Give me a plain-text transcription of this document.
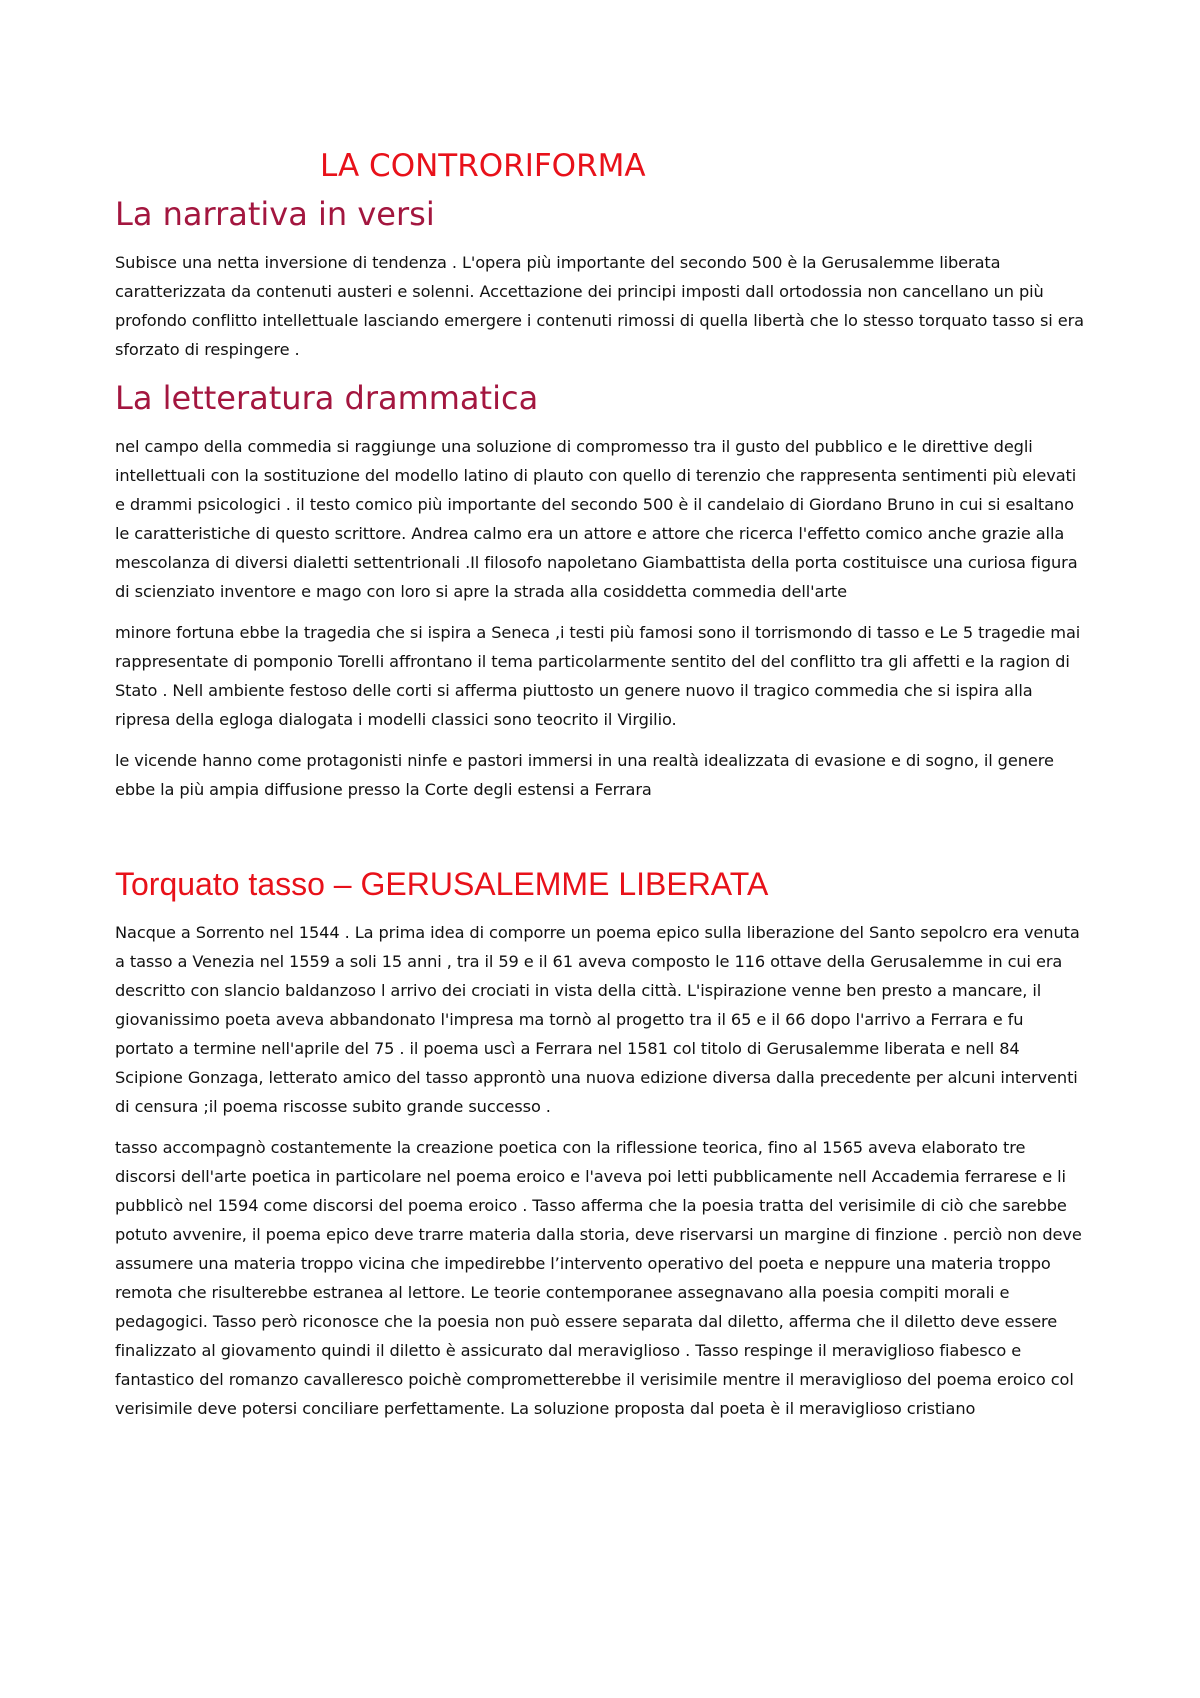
LA CONTRORIFORMA
La narrativa in versi

Subisce una netta inversione di tendenza . L'opera più importante del secondo 500 è la Gerusalemme liberata caratterizzata da contenuti austeri e solenni. Accettazione dei principi imposti dall ortodossia non cancellano un più profondo conflitto intellettuale lasciando emergere i contenuti rimossi di quella libertà che lo stesso torquato tasso si era sforzato di respingere .

La letteratura drammatica

nel campo della commedia si raggiunge una soluzione di compromesso tra il gusto del pubblico e le direttive degli intellettuali con la sostituzione del modello latino di plauto con quello di terenzio che rappresenta sentimenti più elevati e drammi psicologici . il testo comico più importante del secondo 500 è il candelaio di Giordano Bruno in cui si esaltano le caratteristiche di questo scrittore. Andrea calmo era un attore e attore che ricerca l'effetto comico anche grazie alla mescolanza di diversi dialetti settentrionali .Il filosofo napoletano Giambattista della porta costituisce una curiosa figura di scienziato inventore e mago con loro si apre la strada alla cosiddetta commedia dell'arte

minore fortuna ebbe la tragedia che si ispira a Seneca ,i testi più famosi sono il torrismondo di tasso e Le 5 tragedie mai rappresentate di pomponio Torelli affrontano il tema particolarmente sentito del del conflitto tra gli affetti e la ragion di Stato . Nell ambiente festoso delle corti si afferma piuttosto un genere nuovo il tragico commedia che si ispira alla ripresa della egloga dialogata i modelli classici sono teocrito il Virgilio.

le vicende hanno come protagonisti ninfe e pastori immersi in una realtà idealizzata di evasione e di sogno, il genere ebbe la più ampia diffusione presso la Corte degli estensi a Ferrara

Torquato tasso – GERUSALEMME LIBERATA

Nacque a Sorrento nel 1544 . La prima idea di comporre un poema epico sulla liberazione del Santo sepolcro era venuta a tasso a Venezia nel 1559 a soli 15 anni , tra il 59 e il 61 aveva composto le 116 ottave della Gerusalemme in cui era descritto con slancio baldanzoso l arrivo dei crociati in vista della città. L'ispirazione venne ben presto a mancare, il giovanissimo poeta aveva abbandonato l'impresa ma tornò al progetto tra il 65 e il 66 dopo l'arrivo a Ferrara e fu portato a termine nell'aprile del 75 . il poema uscì a Ferrara nel 1581 col titolo di Gerusalemme liberata e nell 84 Scipione Gonzaga, letterato amico del tasso approntò una nuova edizione diversa dalla precedente per alcuni interventi di censura ;il poema riscosse subito grande successo .

tasso accompagnò costantemente la creazione poetica con la riflessione teorica, fino al 1565 aveva elaborato tre discorsi dell'arte poetica in particolare nel poema eroico e l'aveva poi letti pubblicamente nell Accademia ferrarese e li pubblicò nel 1594 come discorsi del poema eroico . Tasso afferma che la poesia tratta del verisimile di ciò che sarebbe potuto avvenire, il poema epico deve trarre materia dalla storia, deve riservarsi un margine di finzione . perciò non deve assumere una materia troppo vicina che impedirebbe l’intervento operativo del poeta e neppure una materia troppo remota che risulterebbe estranea al lettore. Le teorie contemporanee assegnavano alla poesia compiti morali e pedagogici. Tasso però riconosce che la poesia non può essere separata dal diletto, afferma che il diletto deve essere finalizzato al giovamento quindi il diletto è assicurato dal meraviglioso . Tasso respinge il meraviglioso fiabesco e fantastico del romanzo cavalleresco poichè comprometterebbe il verisimile mentre il meraviglioso del poema eroico col verisimile deve potersi conciliare perfettamente. La soluzione proposta dal poeta è il meraviglioso cristiano
